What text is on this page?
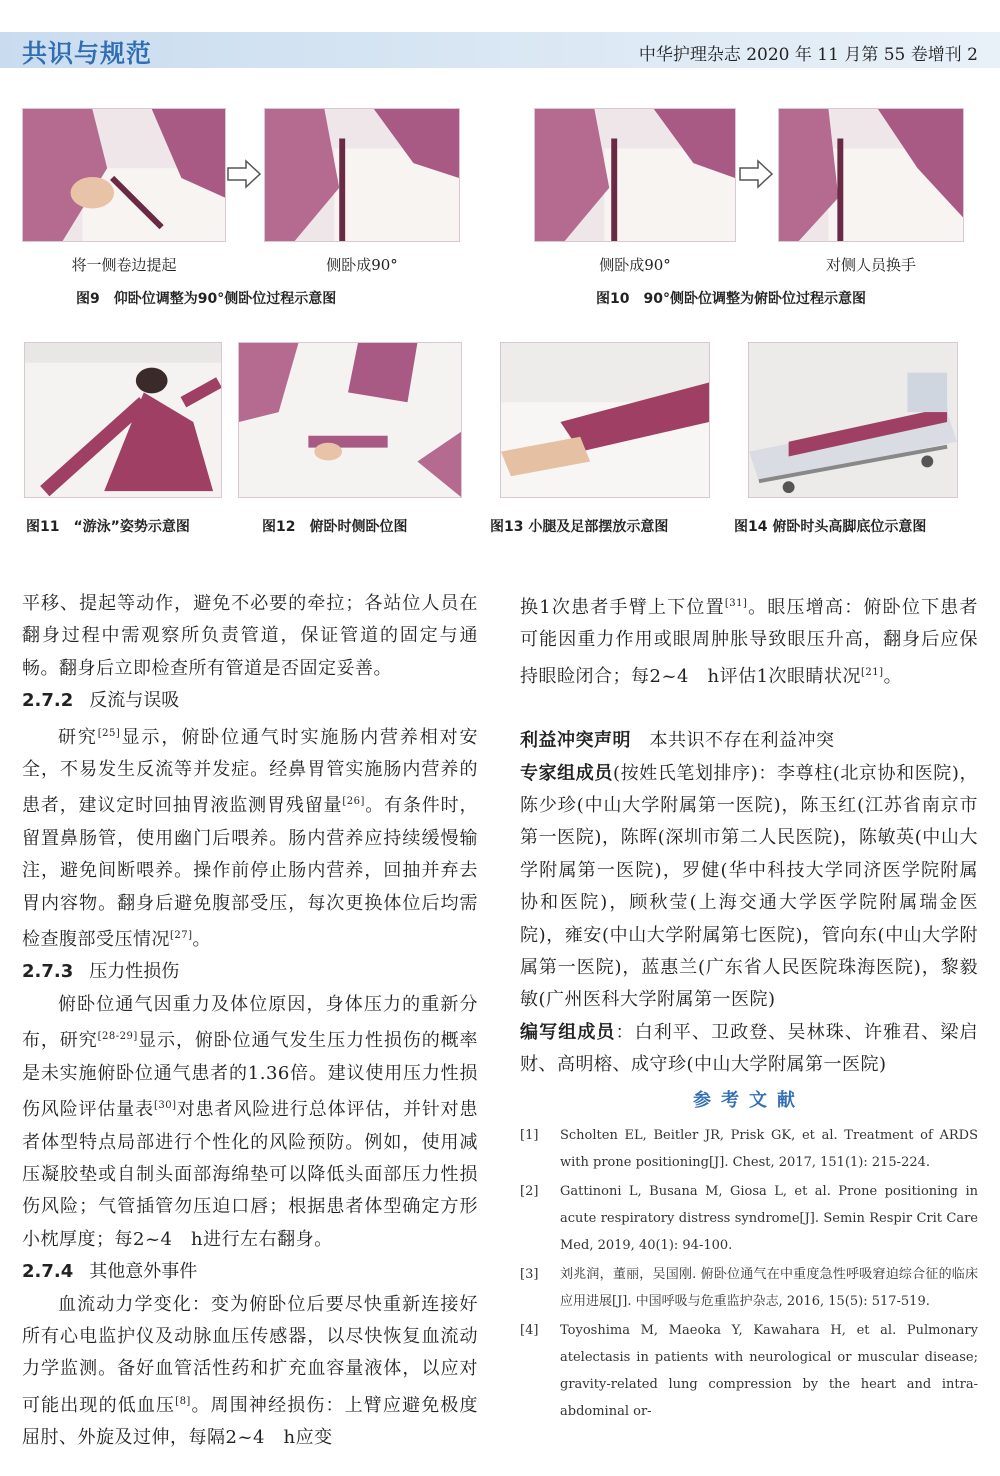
共识与规范	中华护理杂志 2020 年 11 月第 55 卷增刊 2
将一侧卷边提起	侧卧成90°
图9　仰卧位调整为90°侧卧位过程示意图
侧卧成90°	对侧人员换手
图10　90°侧卧位调整为俯卧位过程示意图
图11　“游泳”姿势示意图	图12　俯卧时侧卧位图	图13 小腿及足部摆放示意图	图14 俯卧时头高脚底位示意图

平移、提起等动作，避免不必要的牵拉；各站位人员在翻身过程中需观察所负责管道，保证管道的固定与通畅。翻身后立即检查所有管道是否固定妥善。

2.7.2 反流与误吸

研究[25]显示，俯卧位通气时实施肠内营养相对安全，不易发生反流等并发症。经鼻胃管实施肠内营养的患者，建议定时回抽胃液监测胃残留量[26]。有条件时，留置鼻肠管，使用幽门后喂养。肠内营养应持续缓慢输注，避免间断喂养。操作前停止肠内营养，回抽并弃去胃内容物。翻身后避免腹部受压，每次更换体位后均需检查腹部受压情况[27]。

2.7.3 压力性损伤

俯卧位通气因重力及体位原因，身体压力的重新分布，研究[28-29]显示，俯卧位通气发生压力性损伤的概率是未实施俯卧位通气患者的1.36倍。建议使用压力性损伤风险评估量表[30]对患者风险进行总体评估，并针对患者体型特点局部进行个性化的风险预防。例如，使用减压凝胶垫或自制头面部海绵垫可以降低头面部压力性损伤风险；气管插管勿压迫口唇；根据患者体型确定方形小枕厚度；每2~4　h进行左右翻身。

2.7.4 其他意外事件

血流动力学变化：变为俯卧位后要尽快重新连接好所有心电监护仪及动脉血压传感器，以尽快恢复血流动力学监测。备好血管活性药和扩充血容量液体，以应对可能出现的低血压[8]。周围神经损伤：上臂应避免极度屈肘、外旋及过伸，每隔2~4　h应变

换1次患者手臂上下位置[31]。眼压增高：俯卧位下患者可能因重力作用或眼周肿胀导致眼压升高，翻身后应保持眼睑闭合；每2~4　h评估1次眼睛状况[21]。

利益冲突声明　 本共识不存在利益冲突

专家组成员(按姓氏笔划排序)：李尊柱(北京协和医院)，陈少珍(中山大学附属第一医院)，陈玉红(江苏省南京市第一医院)，陈晖(深圳市第二人民医院)，陈敏英(中山大学附属第一医院)，罗健(华中科技大学同济医学院附属协和医院)，顾秋莹(上海交通大学医学院附属瑞金医院)，雍安(中山大学附属第七医院)，管向东(中山大学附属第一医院)，蓝惠兰(广东省人民医院珠海医院)，黎毅敏(广州医科大学附属第一医院)

编写组成员：白利平、卫政登、吴林珠、许雅君、梁启财、高明榕、成守珍(中山大学附属第一医院)

参考文献
[1]	Scholten EL, Beitler JR, Prisk GK, et al. Treatment of ARDS with prone positioning[J]. Chest, 2017, 151(1): 215-224.
[2]	Gattinoni L, Busana M, Giosa L, et al. Prone positioning in acute respiratory distress syndrome[J]. Semin Respir Crit Care Med, 2019, 40(1): 94-100.
[3]	刘兆润，董丽，吴国刚. 俯卧位通气在中重度急性呼吸窘迫综合征的临床应用进展[J]. 中国呼吸与危重监护杂志, 2016, 15(5): 517-519.
[4]	Toyoshima M, Maeoka Y, Kawahara H, et al. Pulmonary atelectasis in patients with neurological or muscular disease; gravity-related lung compression by the heart and intra-abdominal or-
